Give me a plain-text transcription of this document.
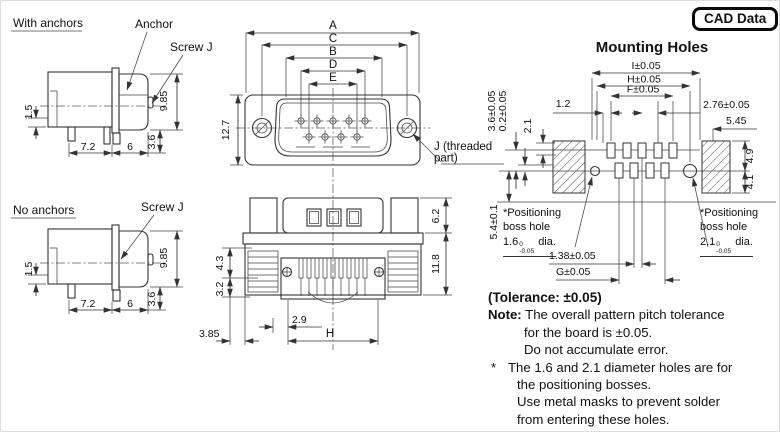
With anchors	Anchor
Screw J
1.5
9.85
7.2	6 3.6
No anchors	Screw J
1.5
9.85
7.2	6 3.6
A
C
B
D
E
12.7
J (threaded
part)
6.2
11.8
4.3
3.2
3.85
2.9
H
I±0.05
H±0.05
F±0.05
1.2	2.76±0.05
5.45
3.6±0.05 0.2±0.05 2.1
5.4±0.1
4.9
4.1
1.38±0.05
G±0.05
CAD Data
Mounting Holes
*Positioning
boss hole
1.6 0
-0.05
dia.
*Positioning
boss hole
2.1 0
-0.05
dia.
(Tolerance: ±0.05)
Note: The overall pattern pitch tolerance
for the board is ±0.05.
Do not accumulate error.
* The 1.6 and 2.1 diameter holes are for
the positioning bosses.
Use metal masks to prevent solder
from entering these holes.
